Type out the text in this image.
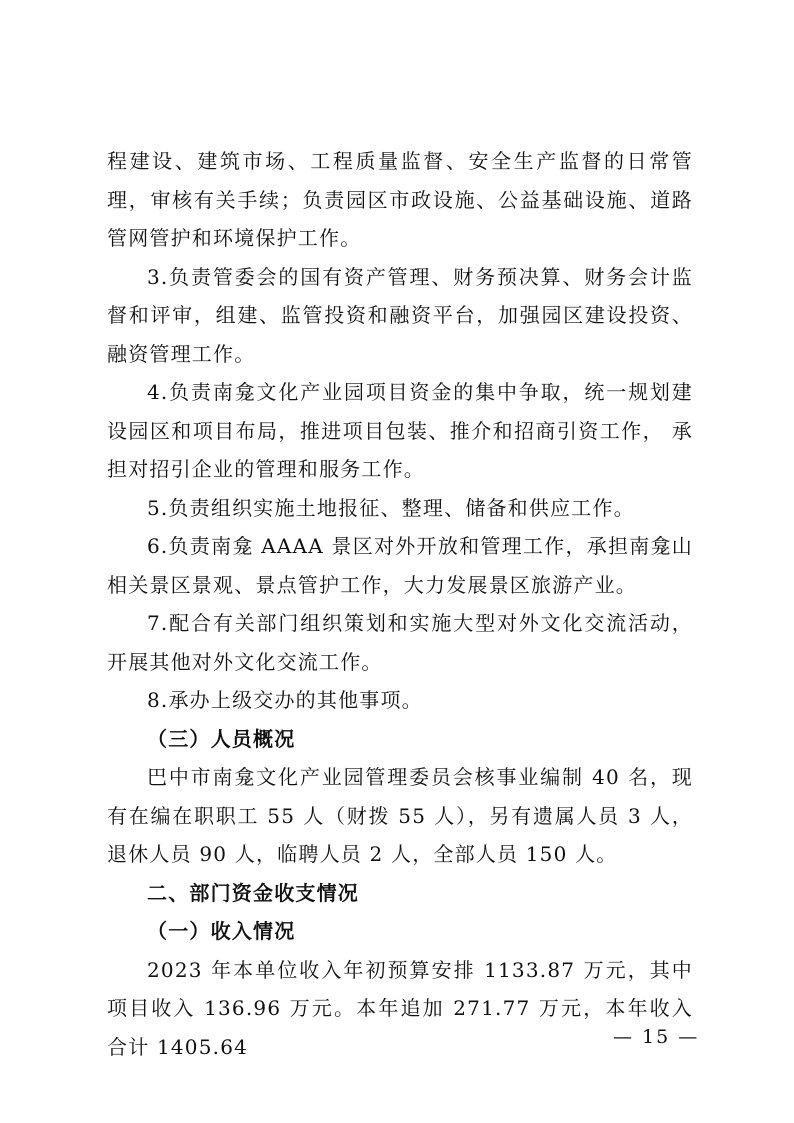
程建设、建筑市场、工程质量监督、安全生产监督的日常管理，审核有关手续；负责园区市政设施、公益基础设施、道路管网管护和环境保护工作。

3.负责管委会的国有资产管理、财务预决算、财务会计监督和评审，组建、监管投资和融资平台，加强园区建设投资、融资管理工作。

4.负责南龛文化产业园项目资金的集中争取，统一规划建设园区和项目布局，推进项目包装、推介和招商引资工作， 承担对招引企业的管理和服务工作。

5.负责组织实施土地报征、整理、储备和供应工作。

6.负责南龛 AAAA 景区对外开放和管理工作，承担南龛山相关景区景观、景点管护工作，大力发展景区旅游产业。

7.配合有关部门组织策划和实施大型对外文化交流活动，开展其他对外文化交流工作。

8.承办上级交办的其他事项。

（三）人员概况

巴中市南龛文化产业园管理委员会核事业编制 40 名，现有在编在职职工 55 人（财拨 55 人），另有遗属人员 3 人，退休人员 90 人，临聘人员 2 人，全部人员 150 人。

二、部门资金收支情况

（一）收入情况

2023 年本单位收入年初预算安排 1133.87 万元，其中项目收入 136.96 万元。本年追加 271.77 万元，本年收入合计 1405.64	— 15 —
